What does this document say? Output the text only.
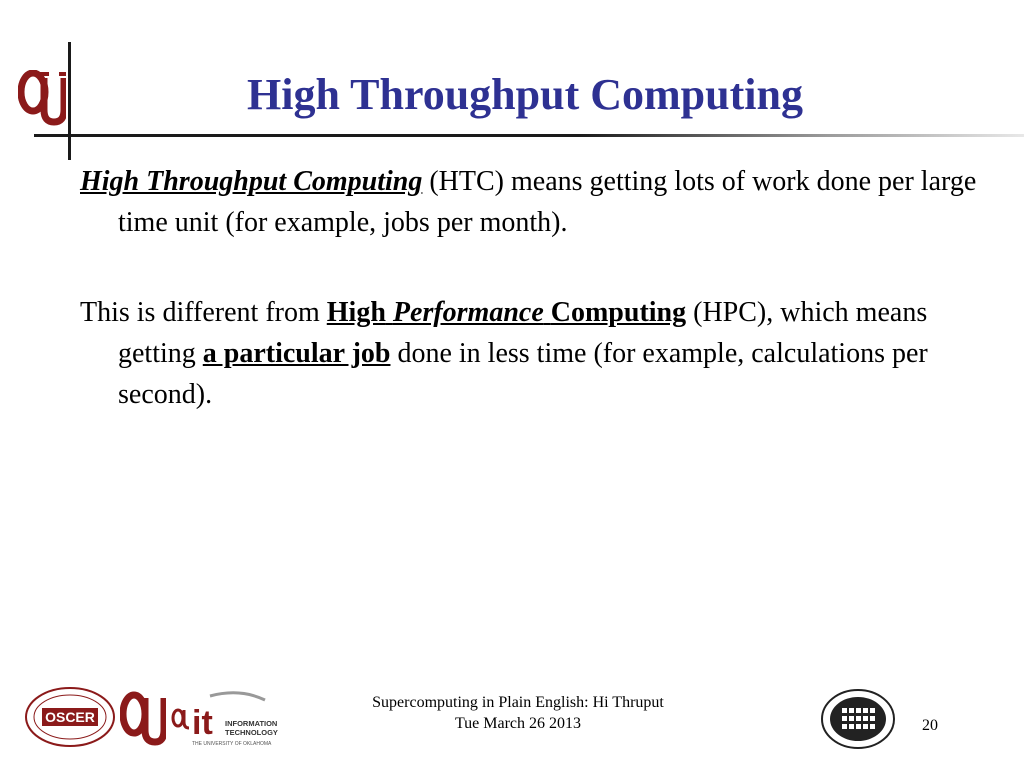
High Throughput Computing
High Throughput Computing (HTC) means getting lots of work done per large time unit (for example, jobs per month).
This is different from High Performance Computing (HPC), which means getting a particular job done in less time (for example, calculations per second).
OSCER	it INFORMATION
TECHNOLOGY
THE UNIVERSITY OF OKLAHOMA
Supercomputing in Plain English: Hi Thruput
Tue March 26 2013	20
